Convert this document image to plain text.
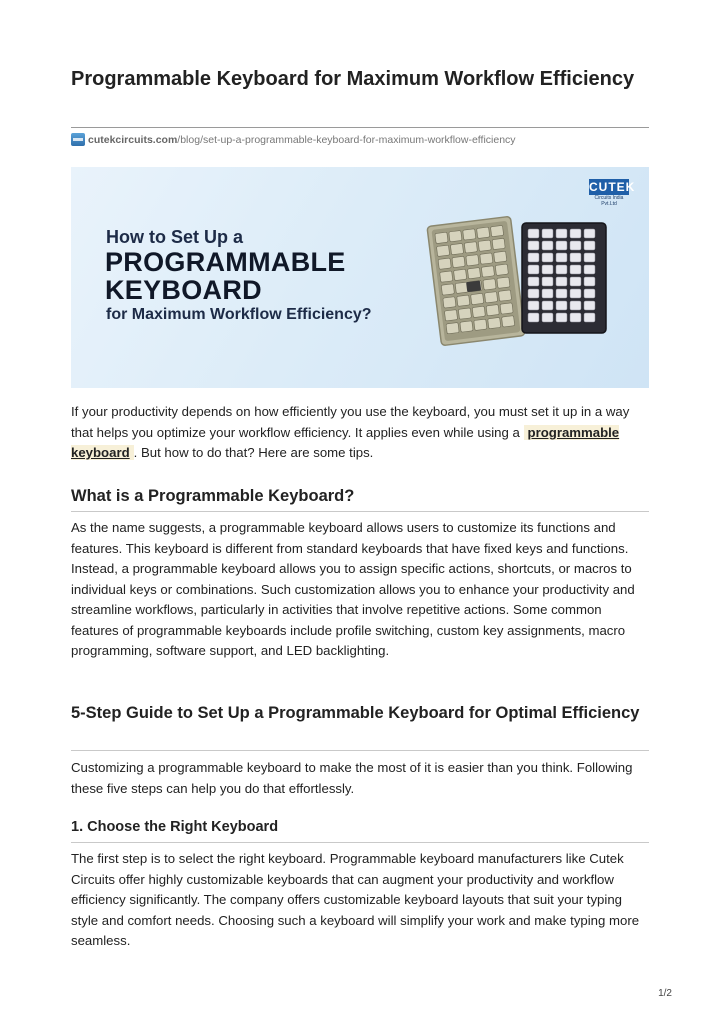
Programmable Keyboard for Maximum Workflow Efficiency
cutekcircuits.com/blog/set-up-a-programmable-keyboard-for-maximum-workflow-efficiency
How to Set Up a
PROGRAMMABLE
KEYBOARD
for Maximum Workflow Efficiency?
CUTEK
Circuits India Pvt.Ltd
If your productivity depends on how efficiently you use the keyboard, you must set it up in a way that helps you optimize your workflow efficiency. It applies even while using a programmable keyboard . But how to do that? Here are some tips.
What is a Programmable Keyboard?
As the name suggests, a programmable keyboard allows users to customize its functions and features. This keyboard is different from standard keyboards that have fixed keys and functions. Instead, a programmable keyboard allows you to assign specific actions, shortcuts, or macros to individual keys or combinations. Such customization allows you to enhance your productivity and streamline workflows, particularly in activities that involve repetitive actions. Some common features of programmable keyboards include profile switching, custom key assignments, macro programming, software support, and LED backlighting.
5-Step Guide to Set Up a Programmable Keyboard for Optimal Efficiency
Customizing a programmable keyboard to make the most of it is easier than you think. Following these five steps can help you do that effortlessly.
1. Choose the Right Keyboard
The first step is to select the right keyboard. Programmable keyboard manufacturers like Cutek Circuits offer highly customizable keyboards that can augment your productivity and workflow efficiency significantly. The company offers customizable keyboard layouts that suit your typing style and comfort needs. Choosing such a keyboard will simplify your work and make typing more seamless.
1/2
